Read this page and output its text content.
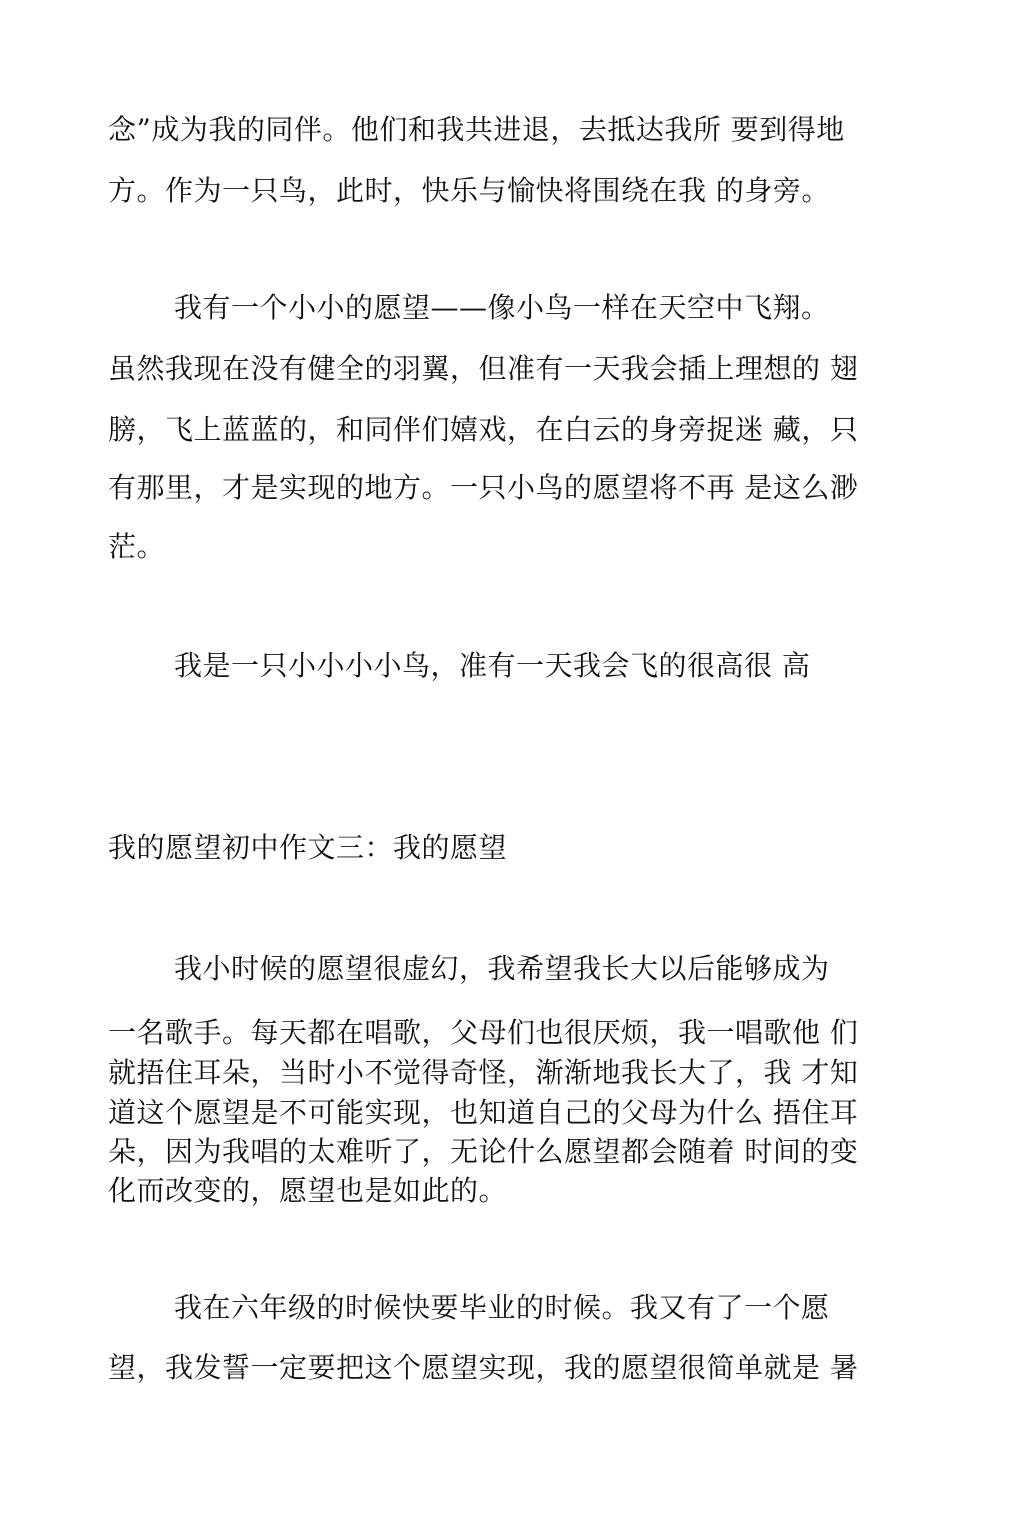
念”成为我的同伴。他们和我共进退，去抵达我所 要到得地
方。作为一只鸟，此时，快乐与愉快将围绕在我 的身旁。
我有一个小小的愿望——像小鸟一样在天空中飞翔。
虽然我现在没有健全的羽翼，但准有一天我会插上理想的 翅
膀，飞上蓝蓝的，和同伴们嬉戏，在白云的身旁捉迷 藏，只
有那里，才是实现的地方。一只小鸟的愿望将不再 是这么渺
茫。
我是一只小小小小鸟，准有一天我会飞的很高很 高
我的愿望初中作文三：我的愿望
我小时候的愿望很虚幻，我希望我长大以后能够成为
一名歌手。每天都在唱歌，父母们也很厌烦，我一唱歌他 们
就捂住耳朵，当时小不觉得奇怪，渐渐地我长大了，我 才知
道这个愿望是不可能实现，也知道自己的父母为什么 捂住耳
朵，因为我唱的太难听了，无论什么愿望都会随着 时间的变
化而改变的，愿望也是如此的。
我在六年级的时候快要毕业的时候。我又有了一个愿
望，我发誓一定要把这个愿望实现，我的愿望很简单就是 暑
